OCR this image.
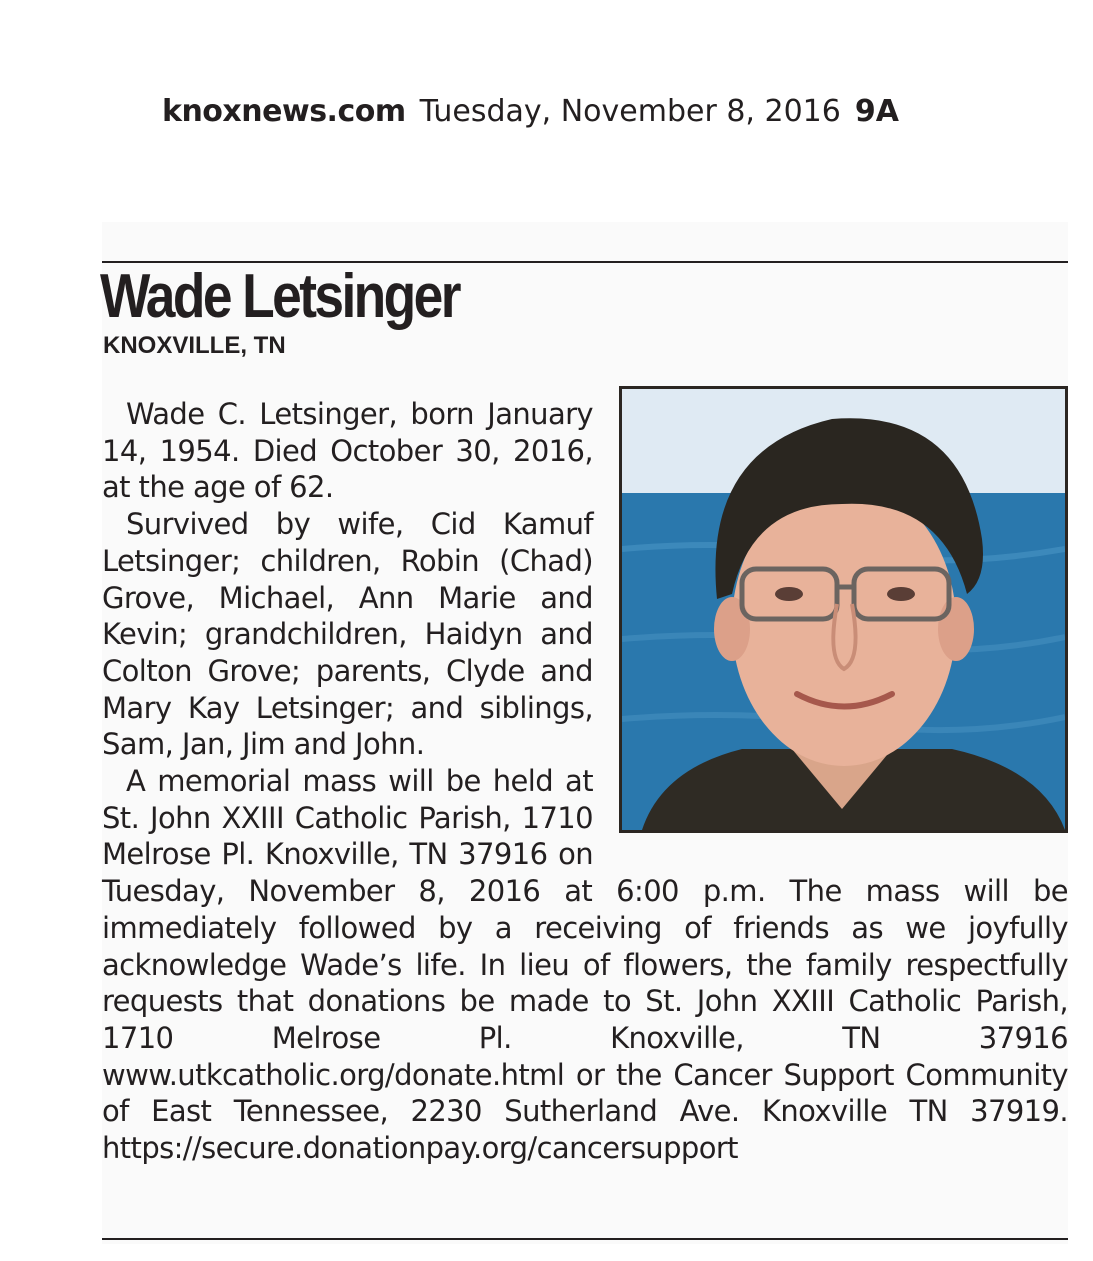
knoxnews.com Tuesday, November 8, 2016 9A
Wade Letsinger
KNOXVILLE, TN

Wade C. Letsinger, born January 14, 1954. Died October 30, 2016, at the age of 62.

Survived by wife, Cid Kamuf Letsinger; children, Robin (Chad) Grove, Michael, Ann Marie and Kevin; grandchildren, Haidyn and Colton Grove; parents, Clyde and Mary Kay Letsinger; and siblings, Sam, Jan, Jim and John.

A memorial mass will be held at St. John XXIII Catholic Parish, 1710 Melrose Pl. Knoxville, TN 37916 on Tuesday, November 8, 2016 at 6:00 p.m. The mass will be immediately followed by a receiving of friends as we joyfully acknowledge Wade’s life. In lieu of flowers, the family respectfully requests that donations be made to St. John XXIII Catholic Parish, 1710 Melrose Pl. Knoxville, TN 37916 www.utkcatholic.org/donate.html or the Cancer Support Community of East Tennessee, 2230 Sutherland Ave. Knoxville TN 37919. https://secure.donationpay.org/cancersupport
